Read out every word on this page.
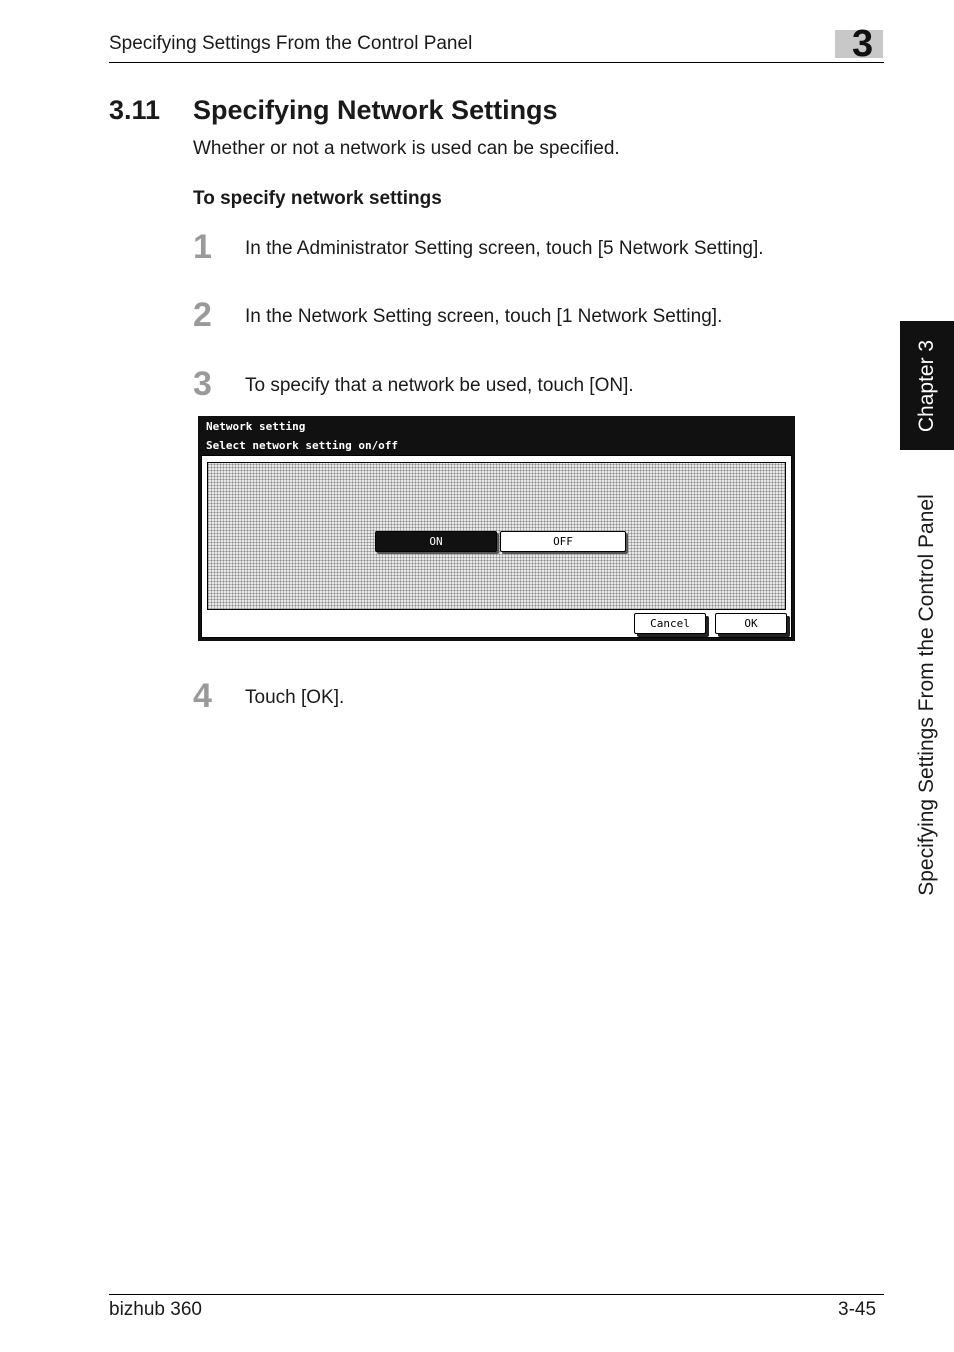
Specifying Settings From the Control Panel	3
3.11 Specifying Network Settings
Whether or not a network is used can be specified.
To specify network settings
1 In the Administrator Setting screen, touch [5 Network Setting].
2 In the Network Setting screen, touch [1 Network Setting].
3 To specify that a network be used, touch [ON].
Network setting
Select network setting on/off
ON	OFF
Cancel	OK
4 Touch [OK].
Chapter 3
Specifying Settings From the Control Panel
bizhub 360	3-45
